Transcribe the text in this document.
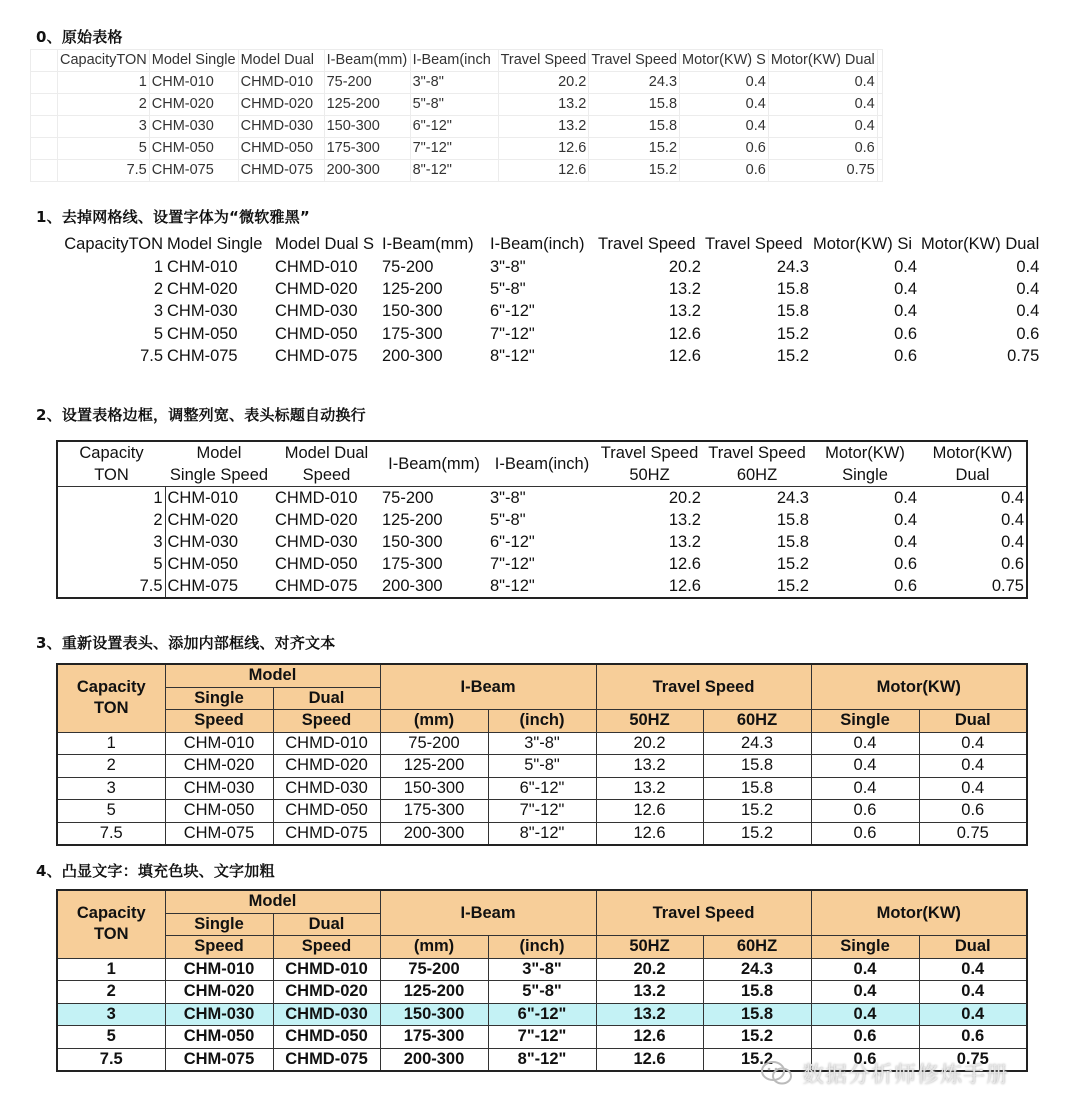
0、原始表格
	CapacityTON	Model Single	Model Dual	I-Beam(mm)	I-Beam(inch	Travel Speed	Travel Speed	Motor(KW) S	Motor(KW) Dual	
	1	CHM-010	CHMD-010	75-200	3"-8"	20.2	24.3	0.4	0.4	
	2	CHM-020	CHMD-020	125-200	5"-8"	13.2	15.8	0.4	0.4	
	3	CHM-030	CHMD-030	150-300	6"-12"	13.2	15.8	0.4	0.4	
	5	CHM-050	CHMD-050	175-300	7"-12"	12.6	15.2	0.6	0.6	
	7.5	CHM-075	CHMD-075	200-300	8"-12"	12.6	15.2	0.6	0.75	
1、去掉网格线、设置字体为“微软雅黑”
CapacityTON	Model Single	Model Dual S	I-Beam(mm)	I-Beam(inch)	Travel Speed	Travel Speed	Motor(KW) Si	Motor(KW) Dual
1	CHM-010	CHMD-010	75-200	3"-8"	20.2	24.3	0.4	0.4
2	CHM-020	CHMD-020	125-200	5"-8"	13.2	15.8	0.4	0.4
3	CHM-030	CHMD-030	150-300	6"-12"	13.2	15.8	0.4	0.4
5	CHM-050	CHMD-050	175-300	7"-12"	12.6	15.2	0.6	0.6
7.5	CHM-075	CHMD-075	200-300	8"-12"	12.6	15.2	0.6	0.75
2、设置表格边框，调整列宽、表头标题自动换行
Capacity	Model	Model Dual	I-Beam(mm)	I-Beam(inch)	Travel Speed	Travel Speed	Motor(KW)	Motor(KW)
TON	Single Speed	Speed			50HZ	60HZ	Single	Dual
1	CHM-010	CHMD-010	75-200	3"-8"	20.2	24.3	0.4	0.4
2	CHM-020	CHMD-020	125-200	5"-8"	13.2	15.8	0.4	0.4
3	CHM-030	CHMD-030	150-300	6"-12"	13.2	15.8	0.4	0.4
5	CHM-050	CHMD-050	175-300	7"-12"	12.6	15.2	0.6	0.6
7.5	CHM-075	CHMD-075	200-300	8"-12"	12.6	15.2	0.6	0.75
3、重新设置表头、添加内部框线、对齐文本
Capacity
TON	Model		I-Beam		Travel Speed		Motor(KW)	
	Single	Dual						
	Speed	Speed	(mm)	(inch)	50HZ	60HZ	Single	Dual
1	CHM-010	CHMD-010	75-200	3"-8"	20.2	24.3	0.4	0.4
2	CHM-020	CHMD-020	125-200	5"-8"	13.2	15.8	0.4	0.4
3	CHM-030	CHMD-030	150-300	6"-12"	13.2	15.8	0.4	0.4
5	CHM-050	CHMD-050	175-300	7"-12"	12.6	15.2	0.6	0.6
7.5	CHM-075	CHMD-075	200-300	8"-12"	12.6	15.2	0.6	0.75
4、凸显文字：填充色块、文字加粗
Capacity
TON	Model		I-Beam		Travel Speed		Motor(KW)	
	Single	Dual						
	Speed	Speed	(mm)	(inch)	50HZ	60HZ	Single	Dual
1	CHM-010	CHMD-010	75-200	3"-8"	20.2	24.3	0.4	0.4
2	CHM-020	CHMD-020	125-200	5"-8"	13.2	15.8	0.4	0.4
3	CHM-030	CHMD-030	150-300	6"-12"	13.2	15.8	0.4	0.4
5	CHM-050	CHMD-050	175-300	7"-12"	12.6	15.2	0.6	0.6
7.5	CHM-075	CHMD-075	200-300	8"-12"	12.6	15.2	0.6	0.75
数据分析师修炼手册
